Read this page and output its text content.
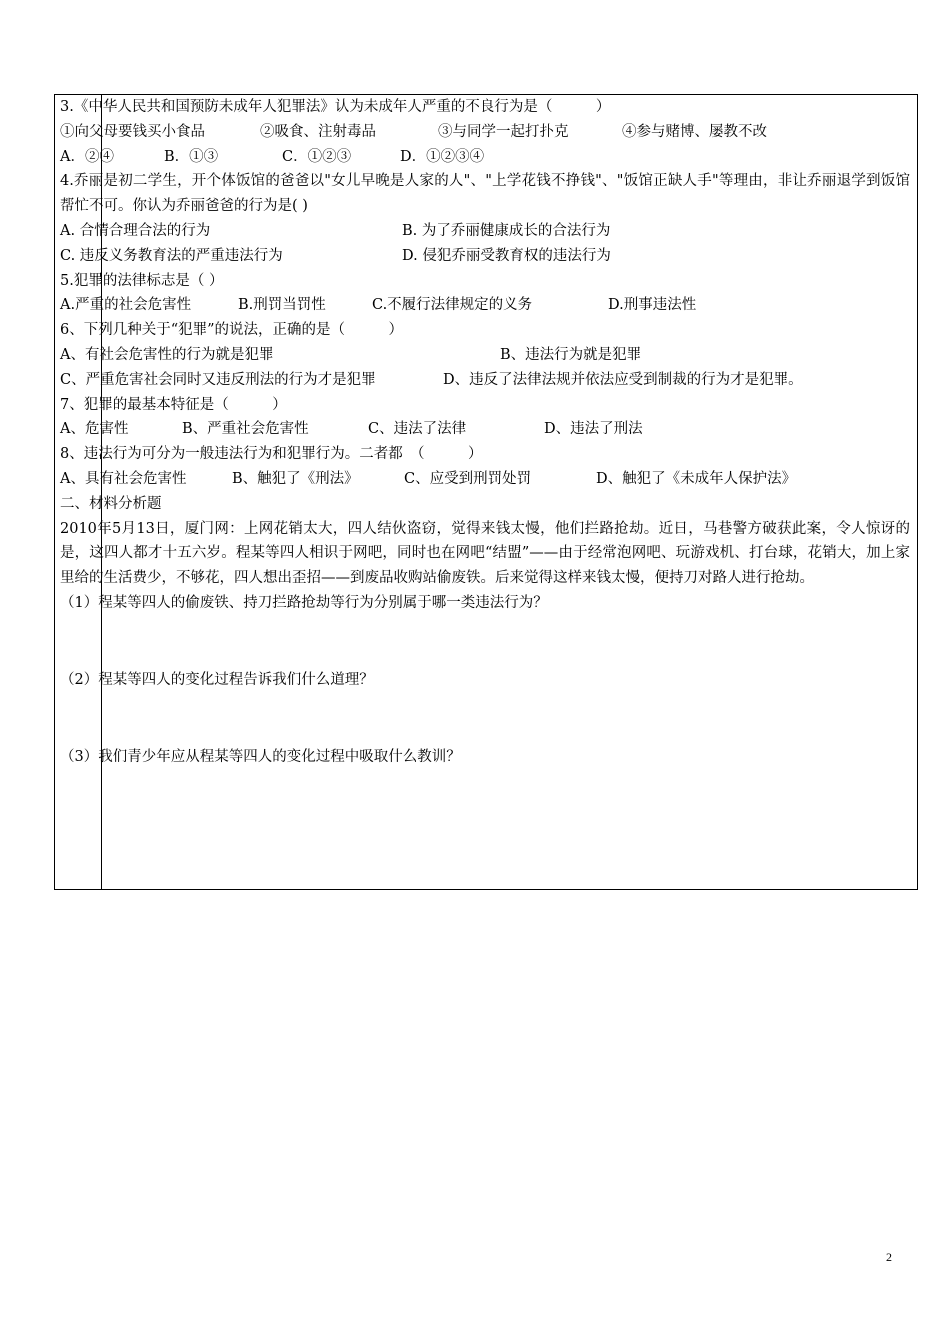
3.《中华人民共和国预防未成年人犯罪法》认为未成年人严重的不良行为是（　　　）
①向父母要钱买小食品	②吸食、注射毒品	③与同学一起打扑克	④参与赌博、屡教不改
A．②④	B．①③	C．①②③	D．①②③④
4.乔丽是初二学生，开个体饭馆的爸爸以"女儿早晚是人家的人"、"上学花钱不挣钱"、"饭馆正缺人手"等理由，非让乔丽退学到饭馆帮忙不可。你认为乔丽爸爸的行为是( )
A. 合情合理合法的行为	B. 为了乔丽健康成长的合法行为
C. 违反义务教育法的严重违法行为	D. 侵犯乔丽受教育权的违法行为
5.犯罪的法律标志是（ ）
A.严重的社会危害性	B.刑罚当罚性	C.不履行法律规定的义务	D.刑事违法性
6、下列几种关于“犯罪”的说法，正确的是（　　　）
A、有社会危害性的行为就是犯罪	B、违法行为就是犯罪
C、严重危害社会同时又违反刑法的行为才是犯罪	D、违反了法律法规并依法应受到制裁的行为才是犯罪。
7、犯罪的最基本特征是（　　　）
A、危害性	B、严重社会危害性	C、违法了法律	D、违法了刑法
8、违法行为可分为一般违法行为和犯罪行为。二者都　（　　　）
A、具有社会危害性	B、触犯了《刑法》	C、应受到刑罚处罚	D、触犯了《未成年人保护法》
二、材料分析题
2010年5月13日，厦门网：上网花销太大，四人结伙盗窃，觉得来钱太慢，他们拦路抢劫。近日，马巷警方破获此案，令人惊讶的是，这四人都才十五六岁。程某等四人相识于网吧，同时也在网吧“结盟”——由于经常泡网吧、玩游戏机、打台球，花销大，加上家里给的生活费少，不够花，四人想出歪招——到废品收购站偷废铁。后来觉得这样来钱太慢，便持刀对路人进行抢劫。
（1）程某等四人的偷废铁、持刀拦路抢劫等行为分别属于哪一类违法行为？
（2）程某等四人的变化过程告诉我们什么道理？
（3）我们青少年应从程某等四人的变化过程中吸取什么教训？
2
